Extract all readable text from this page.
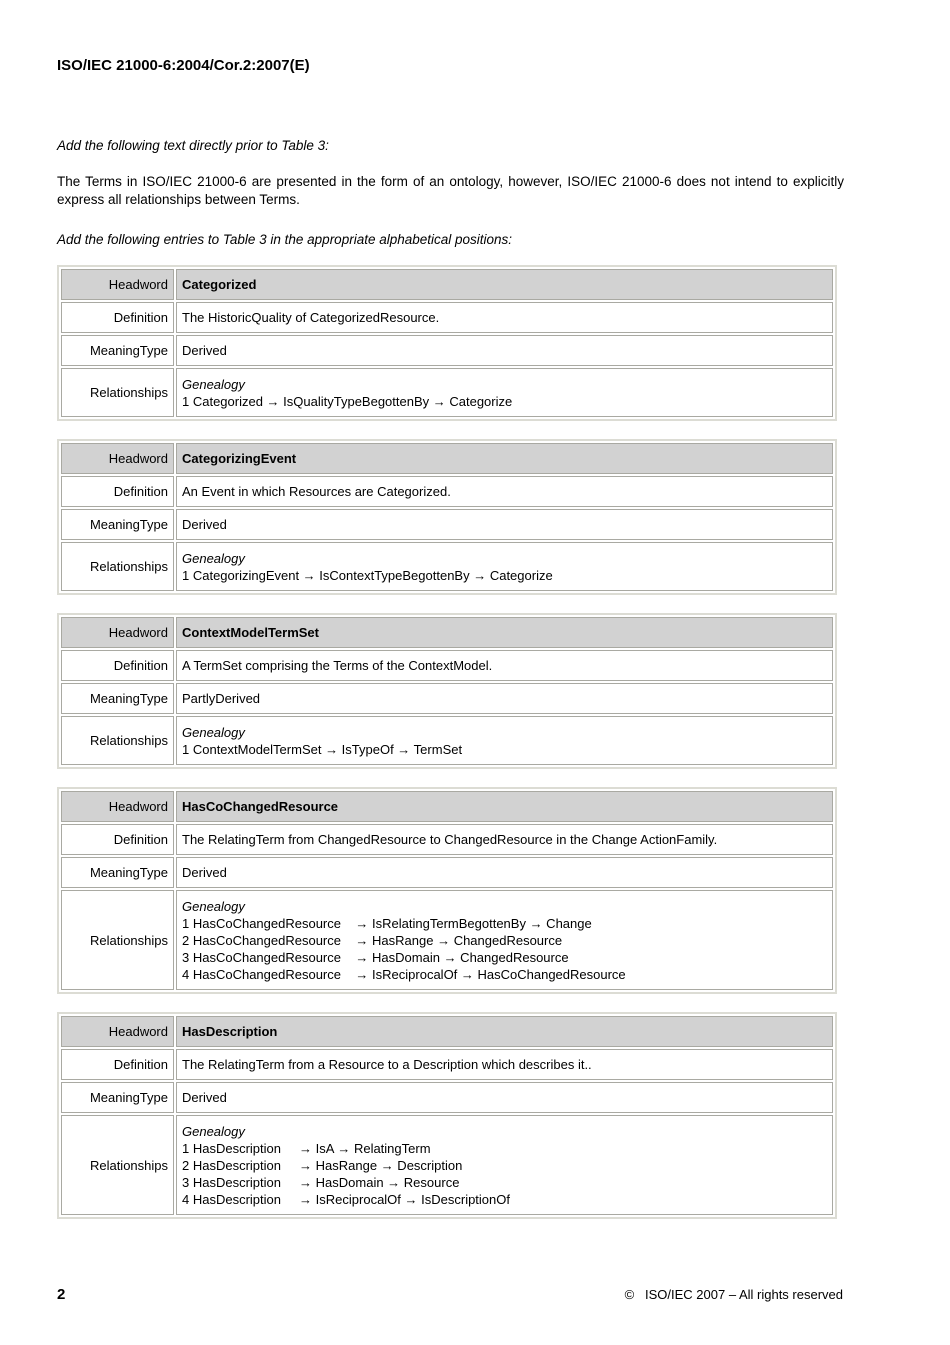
ISO/IEC 21000-6:2004/Cor.2:2007(E)
Add the following text directly prior to Table 3:

The Terms in ISO/IEC 21000-6 are presented in the form of an ontology, however, ISO/IEC 21000-6 does not intend to explicitly express all relationships between Terms.

Add the following entries to Table 3 in the appropriate alphabetical positions:
Headword	Categorized
Definition	The HistoricQuality of CategorizedResource.
MeaningType	Derived
Relationships	Genealogy
1 Categorized → IsQualityTypeBegottenBy → Categorize
Headword	CategorizingEvent
Definition	An Event in which Resources are Categorized.
MeaningType	Derived
Relationships	Genealogy
1 CategorizingEvent → IsContextTypeBegottenBy → Categorize
Headword	ContextModelTermSet
Definition	A TermSet comprising the Terms of the ContextModel.
MeaningType	PartlyDerived
Relationships	Genealogy
1 ContextModelTermSet → IsTypeOf → TermSet
Headword	HasCoChangedResource
Definition	The RelatingTerm from ChangedResource to ChangedResource in the Change ActionFamily.
MeaningType	Derived
Relationships	Genealogy
1 HasCoChangedResource    → IsRelatingTermBegottenBy → Change
2 HasCoChangedResource    → HasRange → ChangedResource
3 HasCoChangedResource    → HasDomain → ChangedResource
4 HasCoChangedResource    → IsReciprocalOf → HasCoChangedResource
Headword	HasDescription
Definition	The RelatingTerm from a Resource to a Description which describes it..
MeaningType	Derived
Relationships	Genealogy
1 HasDescription     → IsA → RelatingTerm
2 HasDescription     → HasRange → Description
3 HasDescription     → HasDomain → Resource
4 HasDescription     → IsReciprocalOf → IsDescriptionOf
2	©   ISO/IEC 2007 – All rights reserved
